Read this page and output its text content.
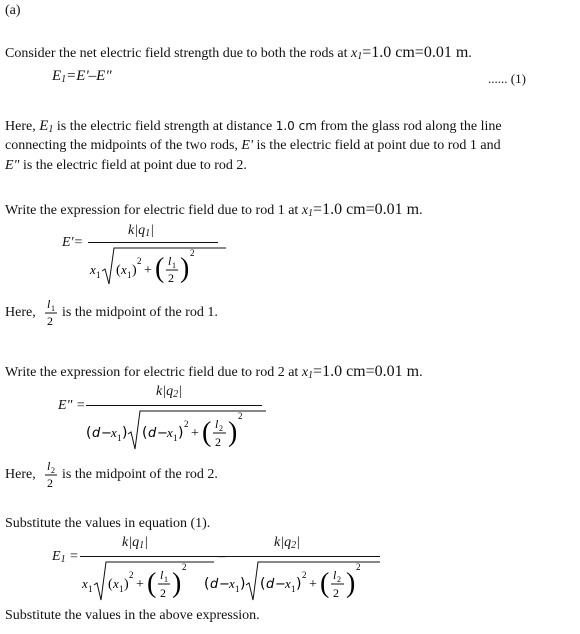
(a)
Consider the net electric field strength due to both the rods at $x_1=1.0$ cm=0.01 m.
$E_1=E'-E$"	...... (1)
Here, $E_1$ is the electric field strength at distance 1.0 cm from the glass rod along the line
connecting the midpoints of the two rods, E' is the electric field at point due to rod 1 and
E" is the electric field at point due to rod 2.
Write the expression for electric field due to rod 1 at $x_1=1.0$ cm=0.01 m.
E'=
$k|q_1|$
x 1 ( x 1 )
2
+ ( l 1
2 ) 2
Here,
l 1
2
is the midpoint of the rod 1.
Write the expression for electric field due to rod 2 at $x_1=1.0$ cm=0.01 m.
E" =
$k|q_2|$
( d − x 1 ) ( d − x 1 )
2
+ ( l 2
2 )
2
Here,
l 2
2
is the midpoint of the rod 2.
Substitute the values in equation (1).
$E_1$ =
$k|q_1|$	$k|q_2|$
x 1 ( x 1 )
2
+ ( l 1
2 )
2
( d − x 1 ) ( d − x 1 )
2
+ ( l 2
2 )
2
Substitute the values in the above expression.
